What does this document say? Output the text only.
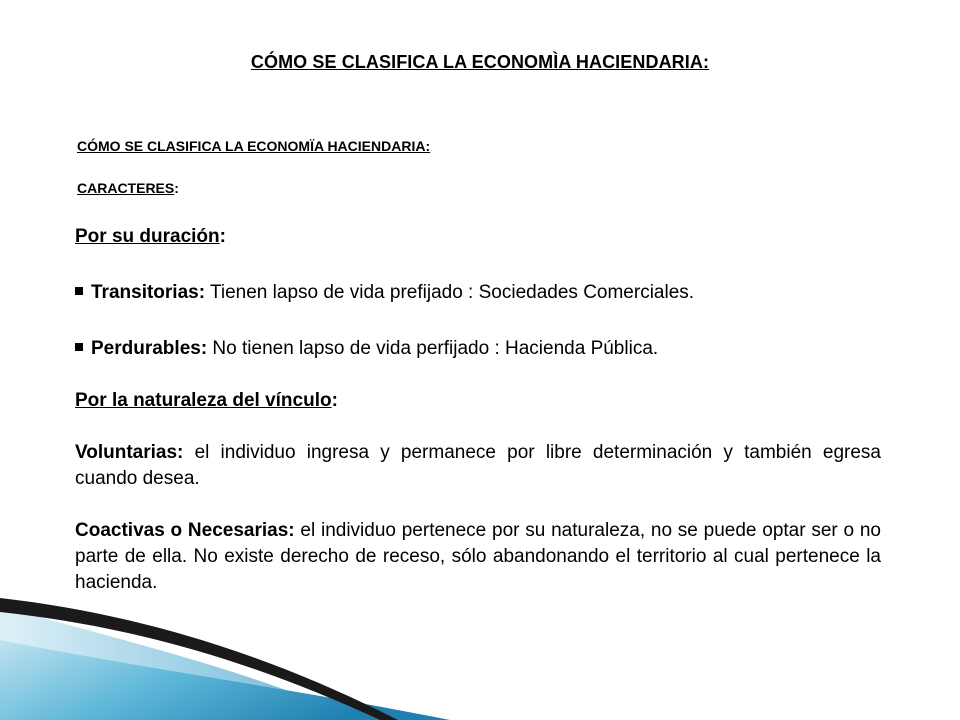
CÓMO SE CLASIFICA LA ECONOMÌA HACIENDARIA:
CÓMO SE CLASIFICA LA ECONOMÏA HACIENDARIA:
CARACTERES:

Por su duración:

Transitorias: Tienen lapso de vida prefijado : Sociedades Comerciales.

Perdurables: No tienen lapso de vida perfijado : Hacienda Pública.

Por la naturaleza del vínculo:

Voluntarias: el individuo ingresa y permanece por libre determinación y también egresa cuando desea.

Coactivas o Necesarias: el individuo pertenece por su naturaleza, no se puede optar ser o no parte de ella. No existe derecho de receso, sólo abandonando el territorio al cual pertenece la hacienda.
